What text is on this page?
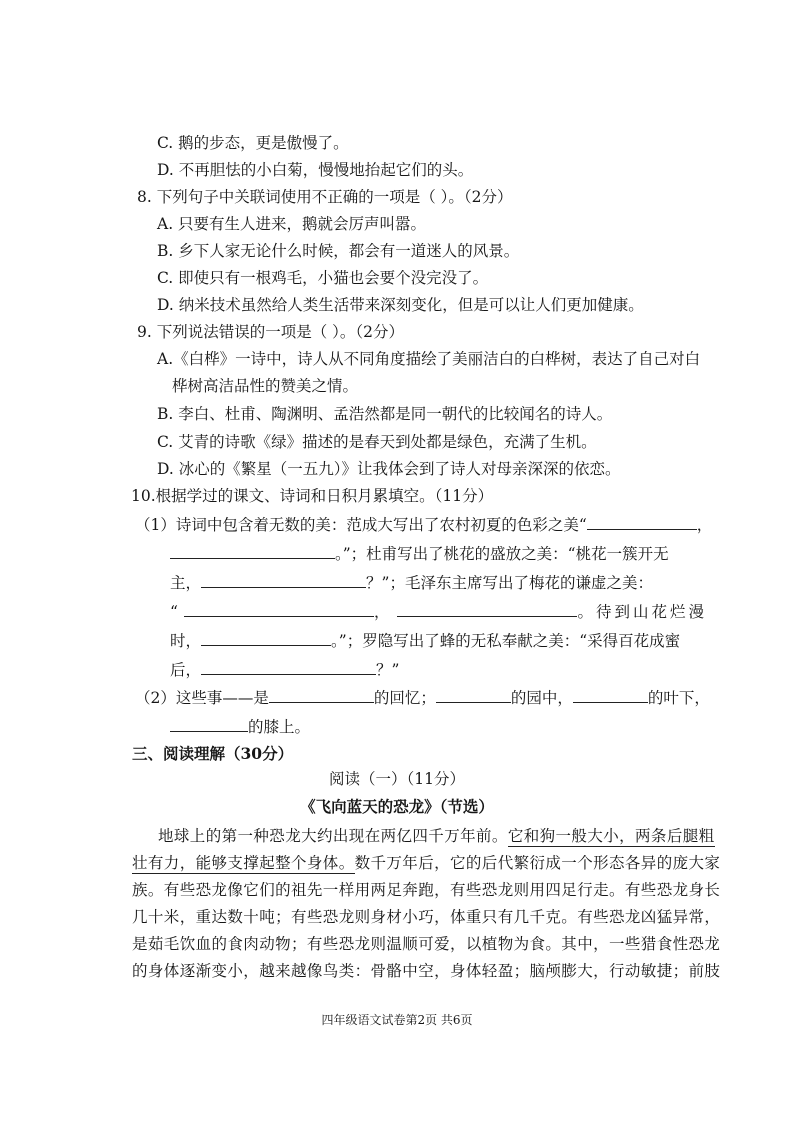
C. 鹅的步态，更是傲慢了。
D. 不再胆怯的小白菊，慢慢地抬起它们的头。
8. 下列句子中关联词使用不正确的一项是（ ）。（2分）
A. 只要有生人进来，鹅就会厉声叫嚣。
B. 乡下人家无论什么时候，都会有一道迷人的风景。
C. 即使只有一根鸡毛，小猫也会要个没完没了。
D. 纳米技术虽然给人类生活带来深刻变化，但是可以让人们更加健康。
9. 下列说法错误的一项是（ ）。（2分）
A.《白桦》一诗中，诗人从不同角度描绘了美丽洁白的白桦树，表达了自己对白
桦树高洁品性的赞美之情。
B. 李白、杜甫、陶渊明、孟浩然都是同一朝代的比较闻名的诗人。
C. 艾青的诗歌《绿》描述的是春天到处都是绿色，充满了生机。
D. 冰心的《繁星（一五九）》让我体会到了诗人对母亲深深的依恋。
10.根据学过的课文、诗词和日积月累填空。（11分）
（1）诗词中包含着无数的美：范成大写出了农村初夏的色彩之美“	，
。”；杜甫写出了桃花的盛放之美：“桃花一簇开无
主，	？”；毛泽东主席写出了梅花的谦虚之美：
“	，	。待到山花烂漫
时，	。”；罗隐写出了蜂的无私奉献之美：“采得百花成蜜
后，	？”
（2）这些事——是	的回忆；	的园中，	的叶下，
的膝上。
三、阅读理解（30分）
阅读（一）（11分）
《飞向蓝天的恐龙》（节选）
地球上的第一种恐龙大约出现在两亿四千万年前。它和狗一般大小，两条后腿粗
壮有力，能够支撑起整个身体。数千万年后，它的后代繁衍成一个形态各异的庞大家
族。有些恐龙像它们的祖先一样用两足奔跑，有些恐龙则用四足行走。有些恐龙身长
几十米，重达数十吨；有些恐龙则身材小巧，体重只有几千克。有些恐龙凶猛异常，
是茹毛饮血的食肉动物；有些恐龙则温顺可爱，以植物为食。其中，一些猎食性恐龙
的身体逐渐变小，越来越像鸟类：骨骼中空，身体轻盈；脑颅膨大，行动敏捷；前肢
四年级语文试卷第2页 共6页
